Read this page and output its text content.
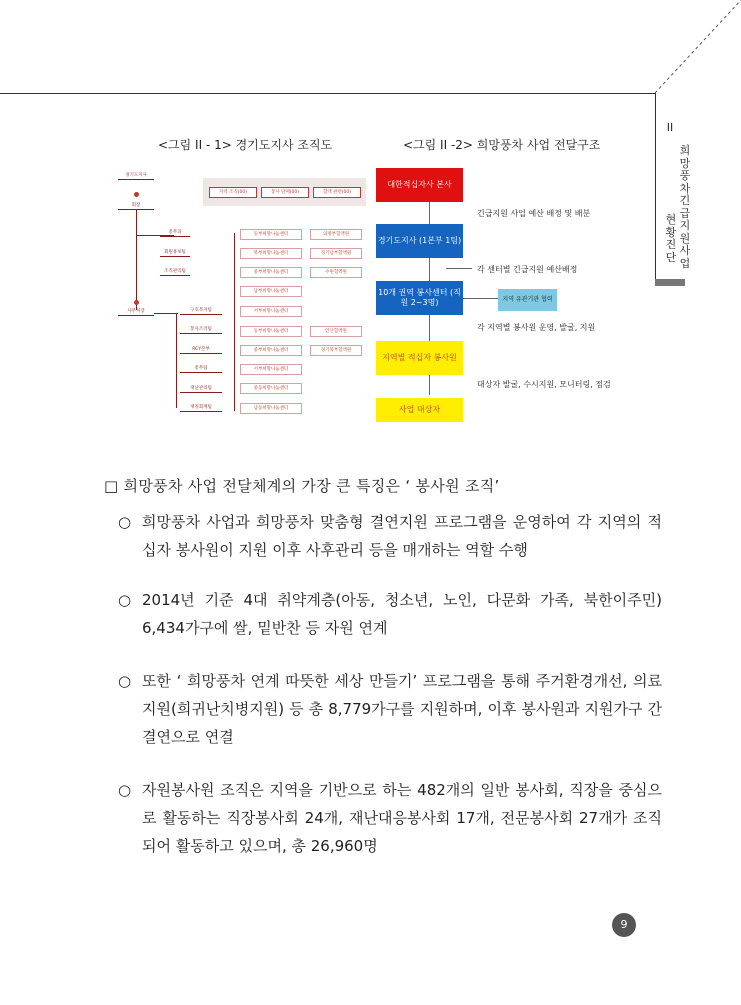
II
희망풍차 긴급지원사업
현황진단
<그림 II - 1> 경기도지사 조직도	<그림 II -2> 희망풍차 사업 전달구조
경기도지사
회장
총무과
회원홍보팀
조직관리팀
사무처장	구호복지팀
봉사조직팀
RCY본부
총무팀
재난관리팀
재정회계팀
동부희망나눔센터
북부희망나눔센터
중부희망나눔센터
남부희망나눔센터
서부희망나눔센터
동부희망나눔센터
중부희망나눔센터
서부희망나눔센터
중동희망나눔센터
남동희망나눔센터
의정부혈액원
경기남부혈액원
수원혈액원
안산혈액원
경기북부혈액원
지역 조직(00)	봉사 단체(00)	혈액 관련(00)
대한적십자사 본사
경기도지사 (1본부 1팀)
10개 권역 봉사센터 (직원 2~3명)
지역별 적십자 봉사원
사업 대상자
지역 유관기관 협력
긴급지원 사업 예산 배정 및 배분
각 센터별 긴급지원 예산배정
각 지역별 봉사원 운영, 발굴, 지원
대상자 발굴, 수시지원, 모니터링, 점검
□ 희망풍차 사업 전달체계의 가장 큰 특징은 ‘ 봉사원 조직’
○ 희망풍차 사업과 희망풍차 맞춤형 결연지원 프로그램을 운영하여 각 지역의 적십자 봉사원이 지원 이후 사후관리 등을 매개하는 역할 수행
○ 2014년 기준 4대 취약계층(아동, 청소년, 노인, 다문화 가족, 북한이주민) 6,434가구에 쌀, 밑반찬 등 자원 연계
○ 또한 ‘ 희망풍차 연계 따뜻한 세상 만들기’ 프로그램을 통해 주거환경개선, 의료지원(희귀난치병지원) 등 총 8,779가구를 지원하며, 이후 봉사원과 지원가구 간 결연으로 연결
○ 자원봉사원 조직은 지역을 기반으로 하는 482개의 일반 봉사회, 직장을 중심으로 활동하는 직장봉사회 24개, 재난대응봉사회 17개, 전문봉사회 27개가 조직되어 활동하고 있으며, 총 26,960명
9
